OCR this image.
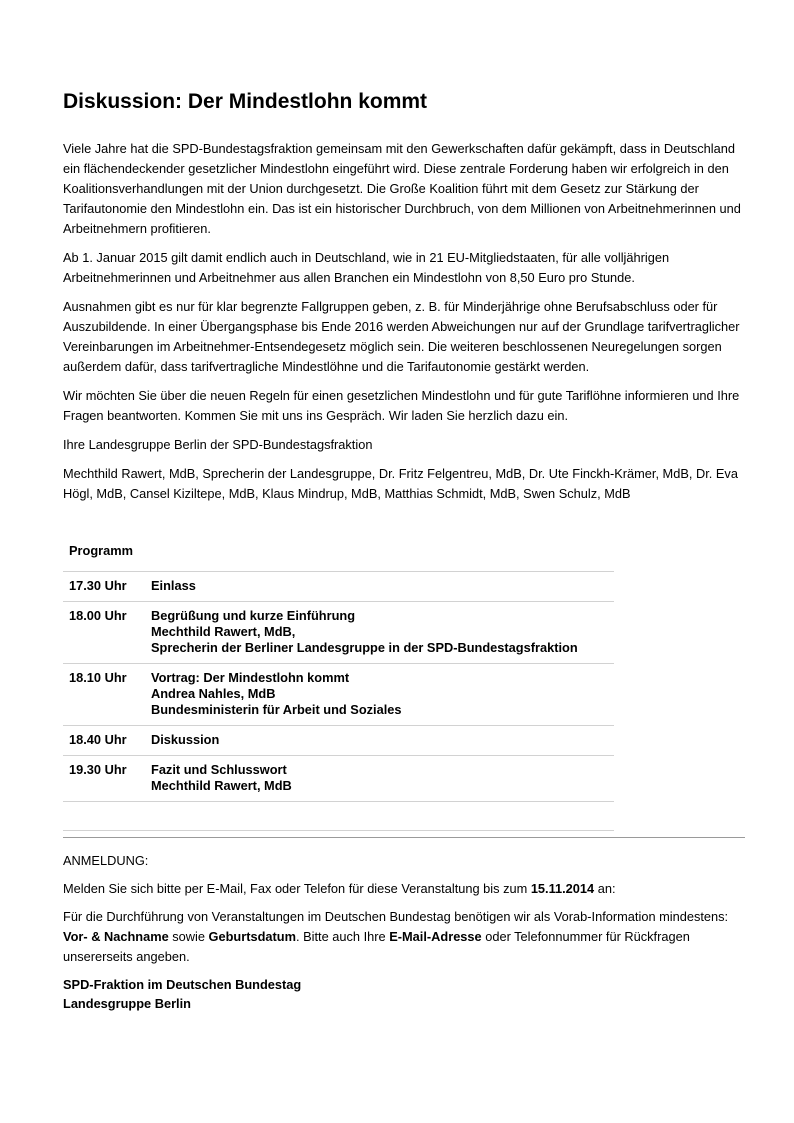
Diskussion: Der Mindestlohn kommt

Viele Jahre hat die SPD-Bundestagsfraktion gemeinsam mit den Gewerkschaften dafür gekämpft, dass in Deutschland ein flächendeckender gesetzlicher Mindestlohn eingeführt wird. Diese zentrale Forderung haben wir erfolgreich in den Koalitionsverhandlungen mit der Union durchgesetzt. Die Große Koalition führt mit dem Gesetz zur Stärkung der Tarifautonomie den Mindestlohn ein. Das ist ein historischer Durchbruch, von dem Millionen von Arbeitnehmerinnen und Arbeitnehmern profitieren.

Ab 1. Januar 2015 gilt damit endlich auch in Deutschland, wie in 21 EU-Mitgliedstaaten, für alle volljährigen Arbeitnehmerinnen und Arbeitnehmer aus allen Branchen ein Mindestlohn von 8,50 Euro pro Stunde.

Ausnahmen gibt es nur für klar begrenzte Fallgruppen geben, z. B. für Minderjährige ohne Berufsabschluss oder für Auszubildende. In einer Übergangsphase bis Ende 2016 werden Abweichungen nur auf der Grundlage tarifvertraglicher Vereinbarungen im Arbeitnehmer-Entsendegesetz möglich sein. Die weiteren beschlossenen Neuregelungen sorgen außerdem dafür, dass tarifvertragliche Mindestlöhne und die Tarifautonomie gestärkt werden.

Wir möchten Sie über die neuen Regeln für einen gesetzlichen Mindestlohn und für gute Tariflöhne informieren und Ihre Fragen beantworten. Kommen Sie mit uns ins Gespräch. Wir laden Sie herzlich dazu ein.

Ihre Landesgruppe Berlin der SPD-Bundestagsfraktion

Mechthild Rawert, MdB, Sprecherin der Landesgruppe, Dr. Fritz Felgentreu, MdB, Dr. Ute Finckh-Krämer, MdB, Dr. Eva Högl, MdB, Cansel Kiziltepe, MdB, Klaus Mindrup, MdB, Matthias Schmidt, MdB, Swen Schulz, MdB

Programm	
17.30 Uhr	Einlass

18.00 Uhr	Begrüßung und kurze Einführung
Mechthild Rawert, MdB,
Sprecherin der Berliner Landesgruppe in der SPD-Bundestagsfraktion

18.10 Uhr	Vortrag: Der Mindestlohn kommt
Andrea Nahles, MdB
Bundesministerin für Arbeit und Soziales

18.40 Uhr	Diskussion

19.30 Uhr	Fazit und Schlusswort
Mechthild Rawert, MdB

ANMELDUNG:

Melden Sie sich bitte per E-Mail, Fax oder Telefon für diese Veranstaltung bis zum 15.11.2014 an:

Für die Durchführung von Veranstaltungen im Deutschen Bundestag benötigen wir als Vorab-Information mindestens: Vor- & Nachname sowie Geburtsdatum. Bitte auch Ihre E-Mail-Adresse oder Telefonnummer für Rückfragen unsererseits angeben.

SPD-Fraktion im Deutschen Bundestag
Landesgruppe Berlin
